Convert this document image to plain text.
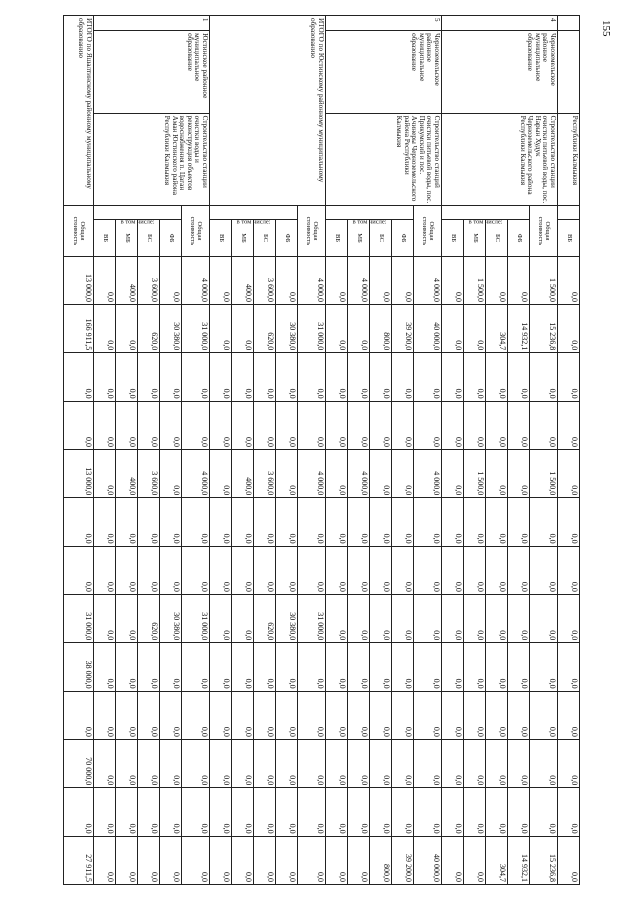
155
		Республики Калмыкия		ВБ	0,0	0,0	0,0	0,0	0,0	0,0	0,0	0,0	0,0	0,0	0,0	0,0	0,0
4	Черноземельское районное муниципальное образование	Строительство станции очистки питьевой воды, пос. Нарын Худук Черноземельского района Республики Калмыкия	Общая стоимость		1 500,0	15 236,8	0,0	0,0	1 500,0	0,0	0,0	0,0	0,0	0,0	0,0	0,0	15 236,8
			в том числе:	ФБ	0,0	14 932,1	0,0	0,0	0,0	0,0	0,0	0,0	0,0	0,0	0,0	0,0	14 932,1
				БС	0,0	304,7	0,0	0,0	0,0	0,0	0,0	0,0	0,0	0,0	0,0	0,0	304,7
				МБ	1 500,0	0,0	0,0	0,0	1 500,0	0,0	0,0	0,0	0,0	0,0	0,0	0,0	0,0
				ВБ	0,0	0,0	0,0	0,0	0,0	0,0	0,0	0,0	0,0	0,0	0,0	0,0	0,0
5	Черноземельское районное муниципальное образование	Строительство станций очистки питьевой воды, пос. Прикумский и пос. Ачинеры Черноземельского района Республики Калмыкия	Общая стоимость		4 000,0	40 000,0	0,0	0,0	4 000,0	0,0	0,0	0,0	0,0	0,0	0,0	0,0	40 000,0
			в том числе:	ФБ	0,0	39 200,0	0,0	0,0	0,0	0,0	0,0	0,0	0,0	0,0	0,0	0,0	39 200,0
				БС	0,0	800,0	0,0	0,0	0,0	0,0	0,0	0,0	0,0	0,0	0,0	0,0	800,0
				МБ	4 000,0	0,0	0,0	0,0	4 000,0	0,0	0,0	0,0	0,0	0,0	0,0	0,0	0,0
				ВБ	0,0	0,0	0,0	0,0	0,0	0,0	0,0	0,0	0,0	0,0	0,0	0,0	0,0
ИТОГО по Юстинскому районному муниципальному образованию			Общая стоимость		4 000,0	31 000,0	0,0	0,0	4 000,0	0,0	0,0	31 000,0	0,0	0,0	0,0	0,0	0,0
			в том числе:	ФБ	0,0	30 380,0	0,0	0,0	0,0	0,0	0,0	30 380,0	0,0	0,0	0,0	0,0	0,0
				БС	3 600,0	620,0	0,0	0,0	3 600,0	0,0	0,0	620,0	0,0	0,0	0,0	0,0	0,0
				МБ	400,0	0,0	0,0	0,0	400,0	0,0	0,0	0,0	0,0	0,0	0,0	0,0	0,0
				ВБ	0,0	0,0	0,0	0,0	0,0	0,0	0,0	0,0	0,0	0,0	0,0	0,0	0,0
1	Юстинское районное муниципальное образование	Строительство станции очистки воды и реконструкция объектов водоснабжения п. Цаган Аман Юстинского района Республики Калмыкия	Общая стоимость		4 000,0	31 000,0	0,0	0,0	4 000,0	0,0	0,0	31 000,0	0,0	0,0	0,0	0,0	0,0
			в том числе:	ФБ	0,0	30 380,0	0,0	0,0	0,0	0,0	0,0	30 380,0	0,0	0,0	0,0	0,0	0,0
				БС	3 600,0	620,0	0,0	0,0	3 600,0	0,0	0,0	620,0	0,0	0,0	0,0	0,0	0,0
				МБ	400,0	0,0	0,0	0,0	400,0	0,0	0,0	0,0	0,0	0,0	0,0	0,0	0,0
				ВБ	0,0	0,0	0,0	0,0	0,0	0,0	0,0	0,0	0,0	0,0	0,0	0,0	0,0
ИТОГО по Яшалтинскому районному муниципальному образованию			Общая стоимость		13 000,0	166 911,5	0,0	0,0	13 000,0	0,0	0,0	31 000,0	38 000,0	0,0	70 000,0	0,0	27 911,5
